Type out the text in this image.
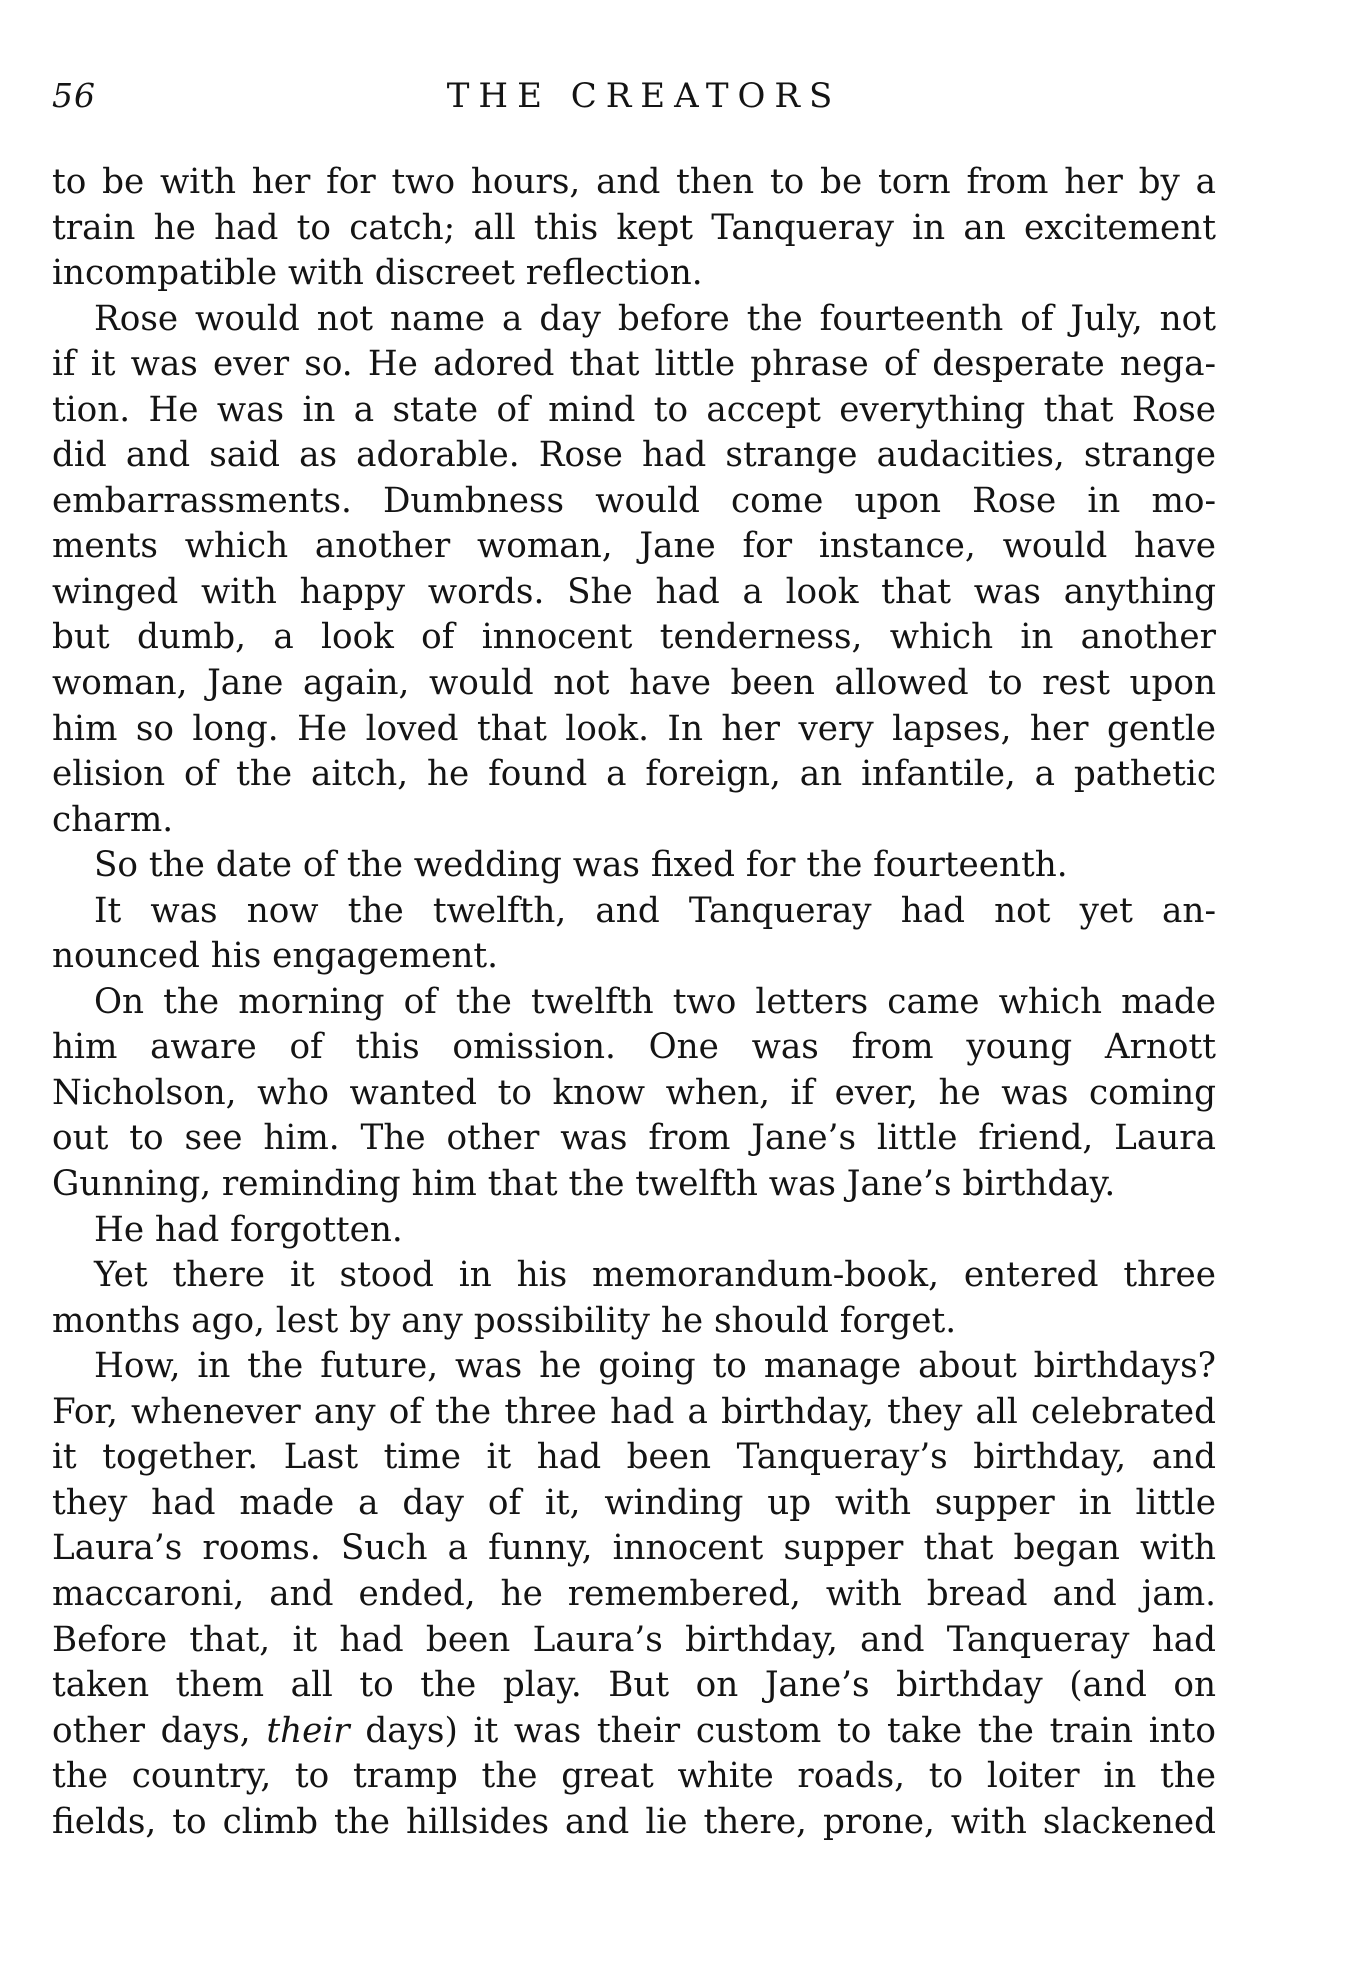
56	THE CREATORS
to be with her for two hours, and then to be torn from her by a
train he had to catch; all this kept Tanqueray in an excitement
incompatible with discreet reflection.
Rose would not name a day before the fourteenth of July, not
if it was ever so. He adored that little phrase of desperate nega-
tion. He was in a state of mind to accept everything that Rose
did and said as adorable. Rose had strange audacities, strange
embarrassments. Dumbness would come upon Rose in mo-
ments which another woman, Jane for instance, would have
winged with happy words. She had a look that was anything
but dumb, a look of innocent tenderness, which in another
woman, Jane again, would not have been allowed to rest upon
him so long. He loved that look. In her very lapses, her gentle
elision of the aitch, he found a foreign, an infantile, a pathetic
charm.
So the date of the wedding was fixed for the fourteenth.
It was now the twelfth, and Tanqueray had not yet an-
nounced his engagement.
On the morning of the twelfth two letters came which made
him aware of this omission. One was from young Arnott
Nicholson, who wanted to know when, if ever, he was coming
out to see him. The other was from Jane’s little friend, Laura
Gunning, reminding him that the twelfth was Jane’s birthday.
He had forgotten.
Yet there it stood in his memorandum-book, entered three
months ago, lest by any possibility he should forget.
How, in the future, was he going to manage about birthdays?
For, whenever any of the three had a birthday, they all celebrated
it together. Last time it had been Tanqueray’s birthday, and
they had made a day of it, winding up with supper in little
Laura’s rooms. Such a funny, innocent supper that began with
maccaroni, and ended, he remembered, with bread and jam.
Before that, it had been Laura’s birthday, and Tanqueray had
taken them all to the play. But on Jane’s birthday (and on
other days, their days) it was their custom to take the train into
the country, to tramp the great white roads, to loiter in the
fields, to climb the hillsides and lie there, prone, with slackened
